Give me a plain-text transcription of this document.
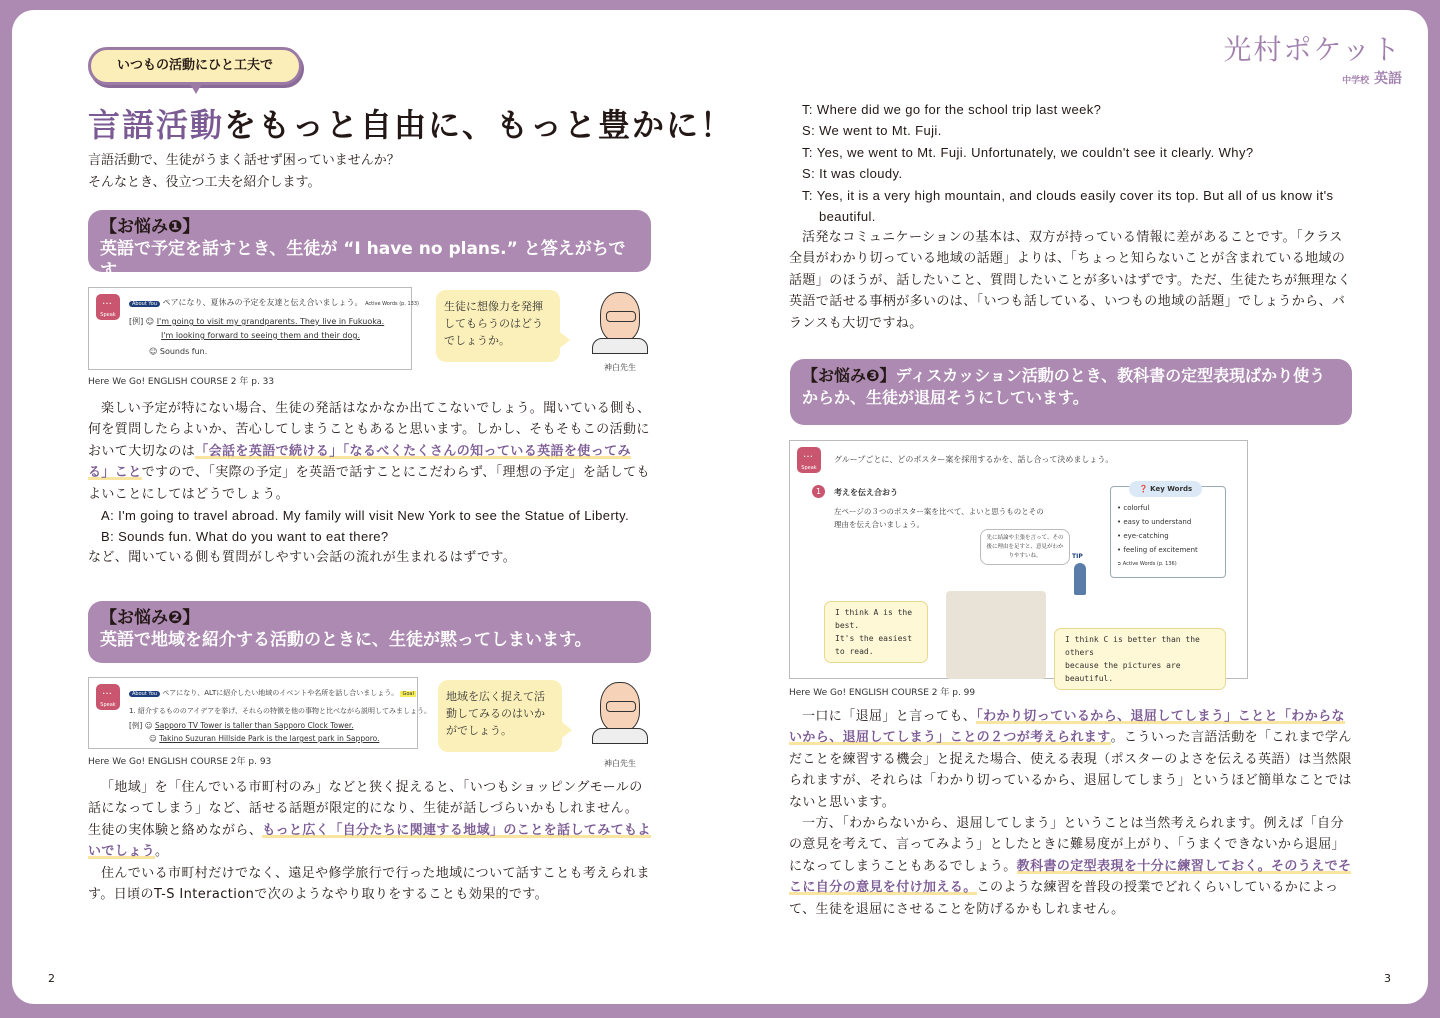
いつもの活動にひと工夫で
言語活動をもっと自由に、もっと豊かに！
言語活動で、生徒がうまく話せず困っていませんか？
そんなとき、役立つ工夫を紹介します。
【お悩み❶】
英語で予定を話すとき、生徒が “I have no plans.” と答えがちです。
… Speak
About You ペアになり、夏休みの予定を友達と伝え合いましょう。 Active Words (p. 133)
[例] ☺ I'm going to visit my grandparents. They live in Fukuoka.
I'm looking forward to seeing them and their dog.
☺ Sounds fun.
Here We Go! ENGLISH COURSE 2 年 p. 33
生徒に想像力を発揮してもらうのはどうでしょうか。
神白先生
楽しい予定が特にない場合、生徒の発話はなかなか出てこないでしょう。聞いている側も、何を質問したらよいか、苦心してしまうこともあると思います。しかし、そもそもこの活動において大切なのは「会話を英語で続ける」「なるべくたくさんの知っている英語を使ってみる」ことですので、「実際の予定」を英語で話すことにこだわらず、「理想の予定」を話してもよいことにしてはどうでしょう。
A: I'm going to travel abroad. My family will visit New York to see the Statue of Liberty.
B: Sounds fun. What do you want to eat there?
など、聞いている側も質問がしやすい会話の流れが生まれるはずです。
【お悩み❷】
英語で地域を紹介する活動のときに、生徒が黙ってしまいます。
… Speak
About You ペアになり、ALTに紹介したい地域のイベントや名所を話し合いましょう。 Goal
1. 紹介するもののアイデアを挙げ、それらの特徴を他の事物と比べながら説明してみましょう。
[例] ☺ Sapporo TV Tower is taller than Sapporo Clock Tower.
☺ Takino Suzuran Hillside Park is the largest park in Sapporo.
Here We Go! ENGLISH COURSE 2年 p. 93
地域を広く捉えて活動してみるのはいかがでしょう。
神白先生
「地域」を「住んでいる市町村のみ」などと狭く捉えると、「いつもショッピングモールの話になってしまう」など、話せる話題が限定的になり、生徒が話しづらいかもしれません。生徒の実体験と絡めながら、もっと広く「自分たちに関連する地域」のことを話してみてもよいでしょう。
住んでいる市町村だけでなく、遠足や修学旅行で行った地域について話すことも考えられます。日頃のT-S Interactionで次のようなやり取りをすることも効果的です。
2
光村ポケット
中学校 英語
T: Where did we go for the school trip last week?
S: We went to Mt. Fuji.
T: Yes, we went to Mt. Fuji. Unfortunately, we couldn't see it clearly. Why?
S: It was cloudy.
T: Yes, it is a very high mountain, and clouds easily cover its top. But all of us know it's beautiful.
活発なコミュニケーションの基本は、双方が持っている情報に差があることです。「クラス全員がわかり切っている地域の話題」よりは、「ちょっと知らないことが含まれている地域の話題」のほうが、話したいこと、質問したいことが多いはずです。ただ、生徒たちが無理なく英語で話せる事柄が多いのは、「いつも話している、いつもの地域の話題」でしょうから、バランスも大切ですね。
【お悩み❸】ディスカッション活動のとき、教科書の定型表現ばかり使うからか、生徒が退屈そうにしています。
… Speak
グループごとに、どのポスター案を採用するかを、話し合って決めましょう。
1	考えを伝え合おう
左ページの３つのポスター案を比べて、よいと思うものとその理由を伝え合いましょう。
先に結論や主張を言って、その後に理由を足すと、意見がわかりやすいね。	TIP
❓ Key Words
• colorful
• easy to understand
• eye-catching
• feeling of excitement
➲ Active Words (p. 136)
I think A is the best.
It's the easiest to read.
I think C is better than the others
because the pictures are beautiful.
Here We Go! ENGLISH COURSE 2 年 p. 99
一口に「退屈」と言っても、「わかり切っているから、退屈してしまう」ことと「わからないから、退屈してしまう」ことの２つが考えられます。こういった言語活動を「これまで学んだことを練習する機会」と捉えた場合、使える表現（ポスターのよさを伝える英語）は当然限られますが、それらは「わかり切っているから、退屈してしまう」というほど簡単なことではないと思います。
一方、「わからないから、退屈してしまう」ということは当然考えられます。例えば「自分の意見を考えて、言ってみよう」としたときに難易度が上がり、「うまくできないから退屈」になってしまうこともあるでしょう。教科書の定型表現を十分に練習しておく。そのうえでそこに自分の意見を付け加える。このような練習を普段の授業でどれくらいしているかによって、生徒を退屈にさせることを防げるかもしれません。
3
